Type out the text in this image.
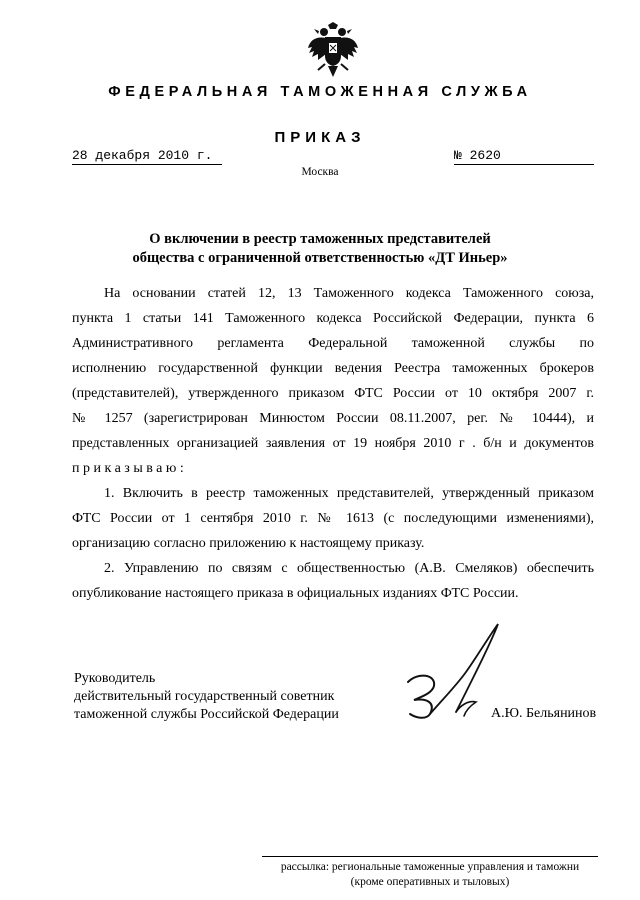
ФЕДЕРАЛЬНАЯ ТАМОЖЕННАЯ СЛУЖБА
ПРИКАЗ
28 декабря 2010 г.	№ 2620
Москва
О включении в реестр таможенных представителей
общества с ограниченной ответственностью «ДТ Иньер»
На основании статей 12, 13 Таможенного кодекса Таможенного союза,
пункта 1 статьи 141 Таможенного кодекса Российской Федерации, пункта 6
Административного регламента Федеральной таможенной службы по
исполнению государственной функции ведения Реестра таможенных брокеров
(представителей), утвержденного приказом ФТС России от 10 октября 2007 г.
№ 1257 (зарегистрирован Минюстом России 08.11.2007, рег. № 10444), и
представленных организацией заявления от 19 ноября 2010 г . б/н и документов
приказываю:
1. Включить в реестр таможенных представителей, утвержденный приказом
ФТС России от 1 сентября 2010 г. № 1613 (с последующими изменениями),
организацию согласно приложению к настоящему приказу.
2. Управлению по связям с общественностью (А.В. Смеляков) обеспечить
опубликование настоящего приказа в официальных изданиях ФТС России.
Руководитель
действительный государственный советник
таможенной службы Российской Федерации	А.Ю. Бельянинов
рассылка: региональные таможенные управления и таможни
(кроме оперативных и тыловых)
